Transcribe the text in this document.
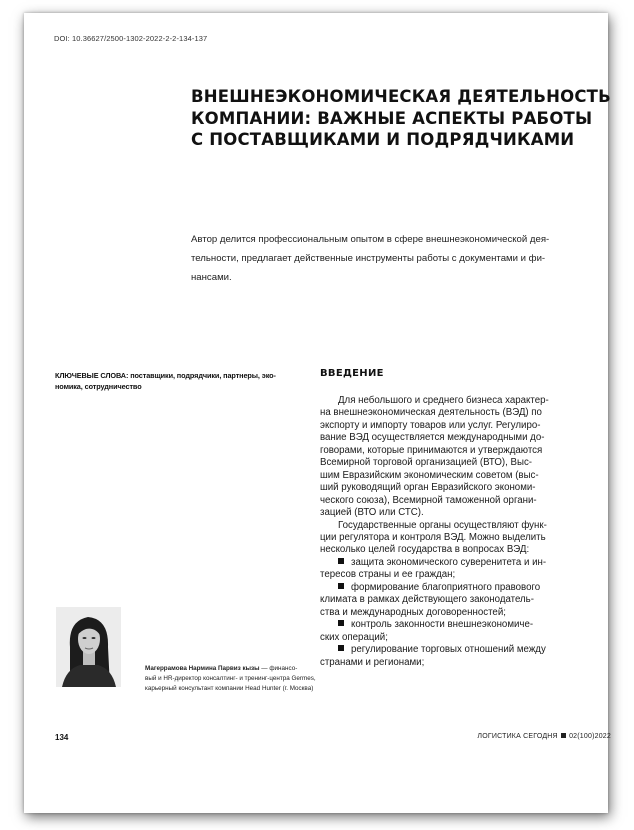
DOI: 10.36627/2500-1302-2022-2-2-134-137
ВНЕШНЕЭКОНОМИЧЕСКАЯ ДЕЯТЕЛЬНОСТЬ
КОМПАНИИ: ВАЖНЫЕ АСПЕКТЫ РАБОТЫ
С ПОСТАВЩИКАМИ И ПОДРЯДЧИКАМИ
Автор делится профессиональным опытом в сфере внешнеэкономической дея-
тельности, предлагает действенные инструменты работы с документами и фи-
нансами.
КЛЮЧЕВЫЕ СЛОВА: поставщики, подрядчики, партнеры, эко-
номика, сотрудничество
ВВЕДЕНИЕ

Для небольшого и среднего бизнеса характер-
на внешнеэкономическая деятельность (ВЭД) по
экспорту и импорту товаров или услуг. Регулиро-
вание ВЭД осуществляется международными до-
говорами, которые принимаются и утверждаются
Всемирной торговой организацией (ВТО), Выс-
шим Евразийским экономическим советом (выс-
ший руководящий орган Евразийского экономи-
ческого союза), Всемирной таможенной органи-
зацией (ВТО или СТС).

Государственные органы осуществляют функ-
ции регулятора и контроля ВЭД. Можно выделить
несколько целей государства в вопросах ВЭД:

защита экономического суверенитета и ин-
тересов страны и ее граждан;
формирование благоприятного правового
климата в рамках действующего законодатель-
ства и международных договоренностей;
контроль законности внешнеэкономиче-
ских операций;
регулирование торговых отношений между
странами и регионами;
Магеррамова Нармина Парвиз кызы — финансо-
вый и HR-директор консалтинг- и тренинг-центра Germes,
карьерный консультант компании Head Hunter (г. Москва)
134	ЛОГИСТИКА СЕГОДНЯ 02(100)2022
